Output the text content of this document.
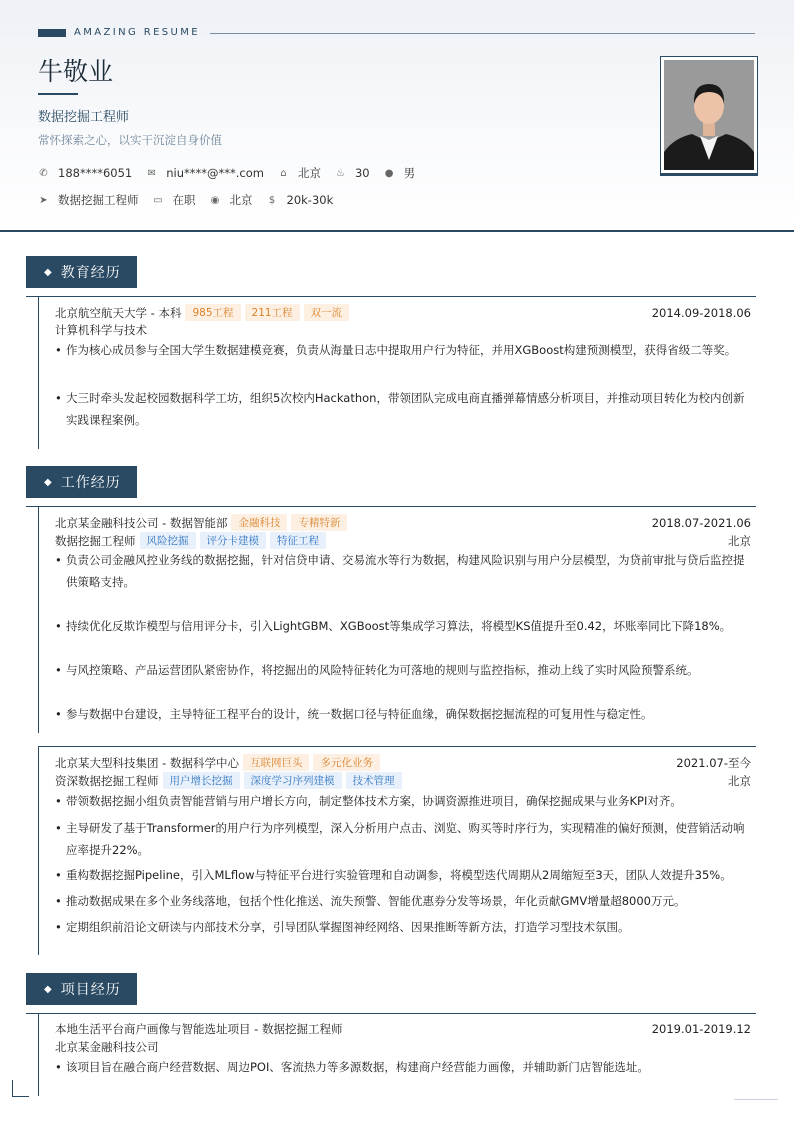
AMAZING RESUME
牛敬业
数据挖掘工程师
常怀探索之心，以实干沉淀自身价值
✆ 188****6051 ✉ niu****@***.com ⌂ 北京 ♨ 30 ● 男
➤ 数据挖掘工程师 ▭ 在职 ◉ 北京 $ 20k-30k
◆ 教育经历
北京航空航天大学 - 本科	985工程	211工程	双一流	2014.09-2018.06
计算机科学与技术
• 作为核心成员参与全国大学生数据建模竞赛，负责从海量日志中提取用户行为特征，并用XGBoost构建预测模型，获得省级二等奖。
• 大三时牵头发起校园数据科学工坊，组织5次校内Hackathon，带领团队完成电商直播弹幕情感分析项目，并推动项目转化为校内创新实践课程案例。
◆ 工作经历
北京某金融科技公司 - 数据智能部	金融科技	专精特新	2018.07-2021.06
数据挖掘工程师	风险挖掘	评分卡建模	特征工程	北京
• 负责公司金融风控业务线的数据挖掘，针对信贷申请、交易流水等行为数据，构建风险识别与用户分层模型，为贷前审批与贷后监控提供策略支持。
• 持续优化反欺诈模型与信用评分卡，引入LightGBM、XGBoost等集成学习算法，将模型KS值提升至0.42，坏账率同比下降18%。
• 与风控策略、产品运营团队紧密协作，将挖掘出的风险特征转化为可落地的规则与监控指标，推动上线了实时风险预警系统。
• 参与数据中台建设，主导特征工程平台的设计，统一数据口径与特征血缘，确保数据挖掘流程的可复用性与稳定性。
北京某大型科技集团 - 数据科学中心	互联网巨头	多元化业务	2021.07-至今
资深数据挖掘工程师	用户增长挖掘	深度学习序列建模	技术管理	北京
• 带领数据挖掘小组负责智能营销与用户增长方向，制定整体技术方案，协调资源推进项目，确保挖掘成果与业务KPI对齐。
• 主导研发了基于Transformer的用户行为序列模型，深入分析用户点击、浏览、购买等时序行为，实现精准的偏好预测，使营销活动响应率提升22%。
• 重构数据挖掘Pipeline，引入MLflow与特征平台进行实验管理和自动调参，将模型迭代周期从2周缩短至3天，团队人效提升35%。
• 推动数据成果在多个业务线落地，包括个性化推送、流失预警、智能优惠券分发等场景，年化贡献GMV增量超8000万元。
• 定期组织前沿论文研读与内部技术分享，引导团队掌握图神经网络、因果推断等新方法，打造学习型技术氛围。
◆ 项目经历
本地生活平台商户画像与智能选址项目 - 数据挖掘工程师	2019.01-2019.12
北京某金融科技公司
• 该项目旨在融合商户经营数据、周边POI、客流热力等多源数据，构建商户经营能力画像，并辅助新门店智能选址。
